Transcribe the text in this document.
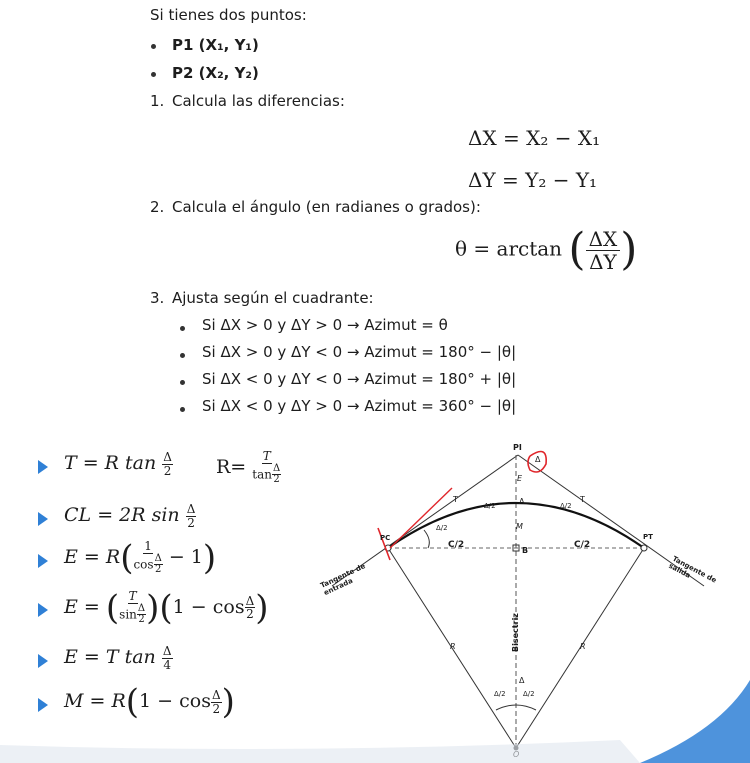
Si tienes dos puntos:
P1 (X₁, Y₁)
P2 (X₂, Y₂)
1. Calcula las diferencias:
ΔX = X₂ − X₁
ΔY = Y₂ − Y₁
2. Calcula el ángulo (en radianes o grados):
θ = arctan ( $\frac{\Delta X}{\Delta Y}$ )
3. Ajusta según el cuadrante:
Si ΔX > 0 y ΔY > 0 → Azimut = θ
Si ΔX > 0 y ΔY < 0 → Azimut = 180° − |θ|
Si ΔX < 0 y ΔY < 0 → Azimut = 180° + |θ|
Si ΔX < 0 y ΔY > 0 → Azimut = 360° − |θ|
T = R $\tan \frac{\Delta}{2} R= \frac{T}{\tan \frac{\Delta}{2}}$
CL = 2R $\sin \frac{\Delta}{2}$
$E = R( \frac{1}{\cos \frac{\Delta}{2}} - 1)$
E = ( $\frac{T}{\sin \frac{\Delta}{2}} )(1 - \cos \frac{\Delta}{2}$ )
E = T $\tan \frac{\Delta}{4}$
$M = R(1 - \cos \frac{\Delta}{2}$ )
PI
Δ
E
T	T
A
Δ/2	Δ/2
Δ/2	M
PC	PT
B
C/2	C/2
Tangente de entrada
Tangente de salida
Bisectriz
R	R
Δ
Δ/2 Δ/2
